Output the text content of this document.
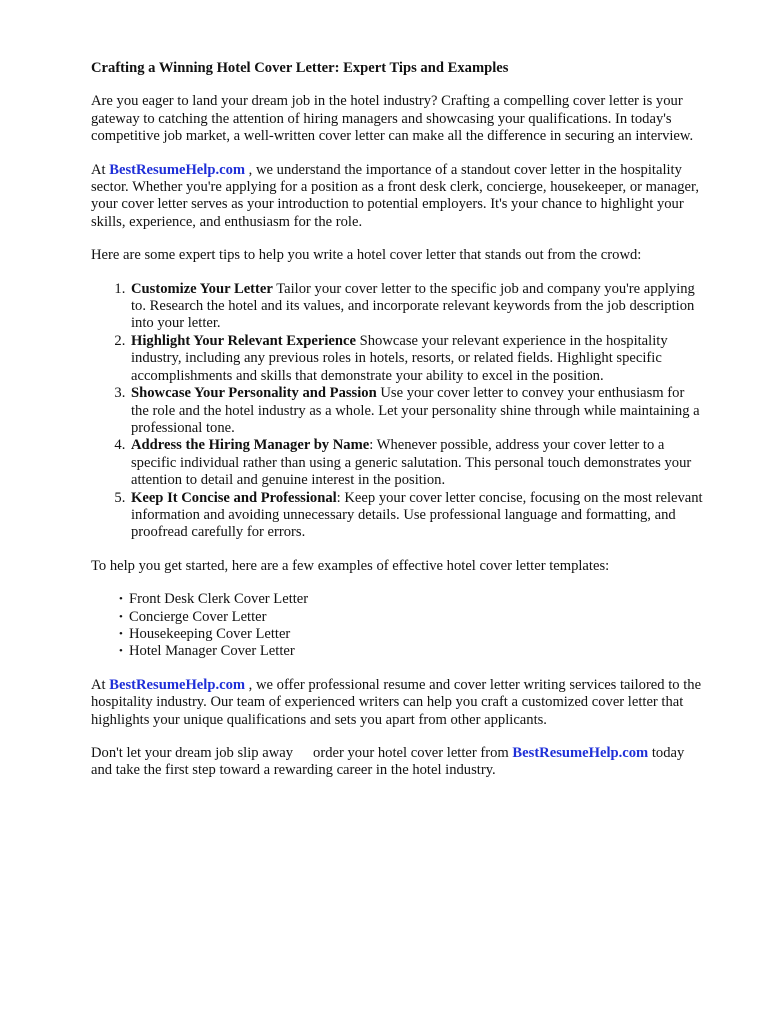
Crafting a Winning Hotel Cover Letter: Expert Tips and Examples

Are you eager to land your dream job in the hotel industry? Crafting a compelling cover letter is your gateway to catching the attention of hiring managers and showcasing your qualifications. In today's competitive job market, a well-written cover letter can make all the difference in securing an interview.

At BestResumeHelp.com , we understand the importance of a standout cover letter in the hospitality sector. Whether you're applying for a position as a front desk clerk, concierge, housekeeper, or manager, your cover letter serves as your introduction to potential employers. It's your chance to highlight your skills, experience, and enthusiasm for the role.

Here are some expert tips to help you write a hotel cover letter that stands out from the crowd:

1. Customize Your Letter Tailor your cover letter to the specific job and company you're applying to. Research the hotel and its values, and incorporate relevant keywords from the job description into your letter.
2. Highlight Your Relevant Experience Showcase your relevant experience in the hospitality industry, including any previous roles in hotels, resorts, or related fields. Highlight specific accomplishments and skills that demonstrate your ability to excel in the position.
3. Showcase Your Personality and Passion Use your cover letter to convey your enthusiasm for the role and the hotel industry as a whole. Let your personality shine through while maintaining a professional tone.
4. Address the Hiring Manager by Name: Whenever possible, address your cover letter to a specific individual rather than using a generic salutation. This personal touch demonstrates your attention to detail and genuine interest in the position.
5. Keep It Concise and Professional: Keep your cover letter concise, focusing on the most relevant information and avoiding unnecessary details. Use professional language and formatting, and proofread carefully for errors.

To help you get started, here are a few examples of effective hotel cover letter templates:

• Front Desk Clerk Cover Letter
• Concierge Cover Letter
• Housekeeping Cover Letter
• Hotel Manager Cover Letter

At BestResumeHelp.com , we offer professional resume and cover letter writing services tailored to the hospitality industry. Our team of experienced writers can help you craft a customized cover letter that highlights your unique qualifications and sets you apart from other applicants.

Don't let your dream job slip away order your hotel cover letter from BestResumeHelp.com today and take the first step toward a rewarding career in the hotel industry.
